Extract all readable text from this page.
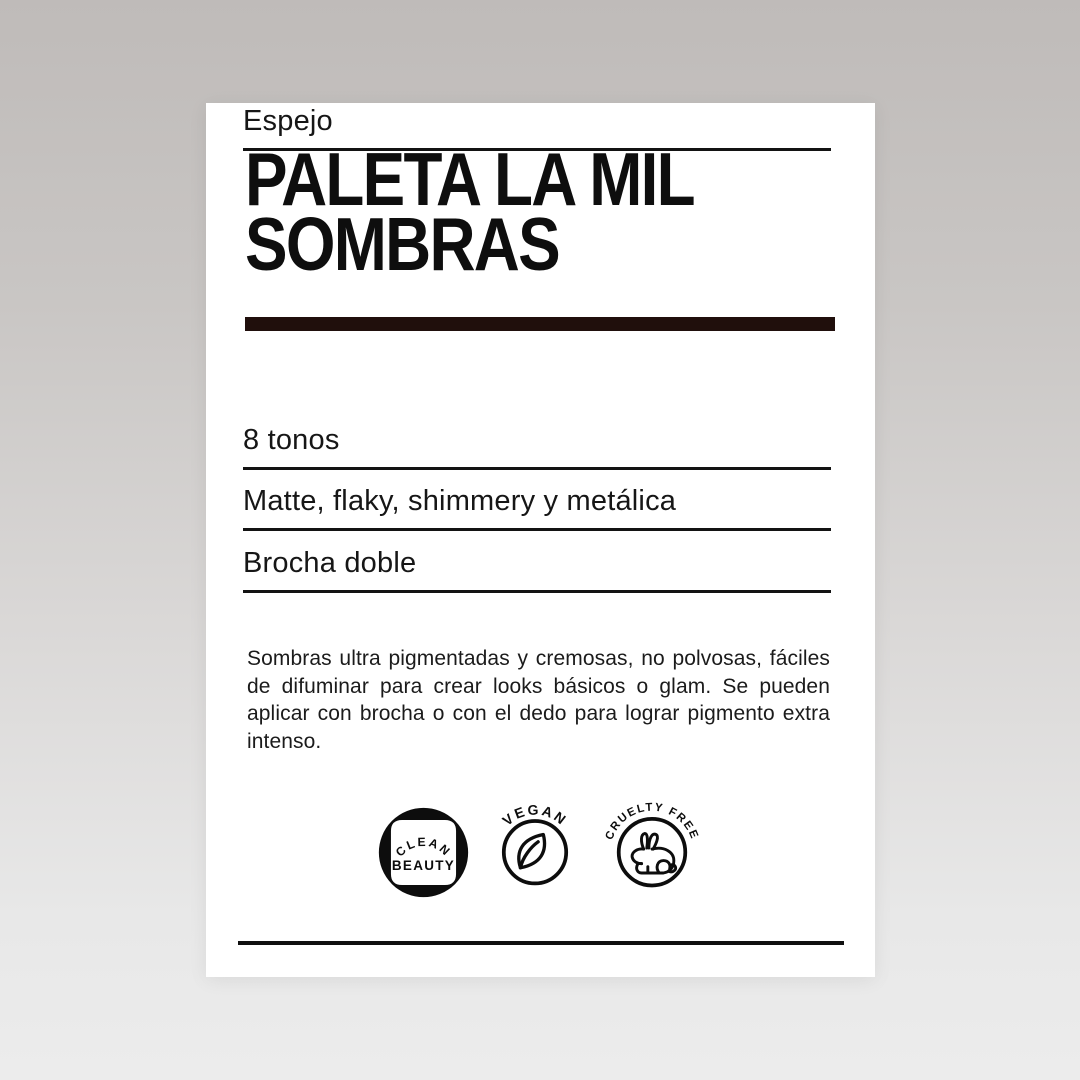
PALETA LA MIL
SOMBRAS
8 tonos
Matte, flaky, shimmery y metálica
Brocha doble
Espejo

Sombras ultra pigmentadas y cremosas, no polvosas, fáciles de difuminar para crear looks básicos o glam. Se pueden aplicar con brocha o con el dedo para lograr pigmento extra intenso.

CLEAN
BEAUTY
VEGAN
CRUELTY FREE
